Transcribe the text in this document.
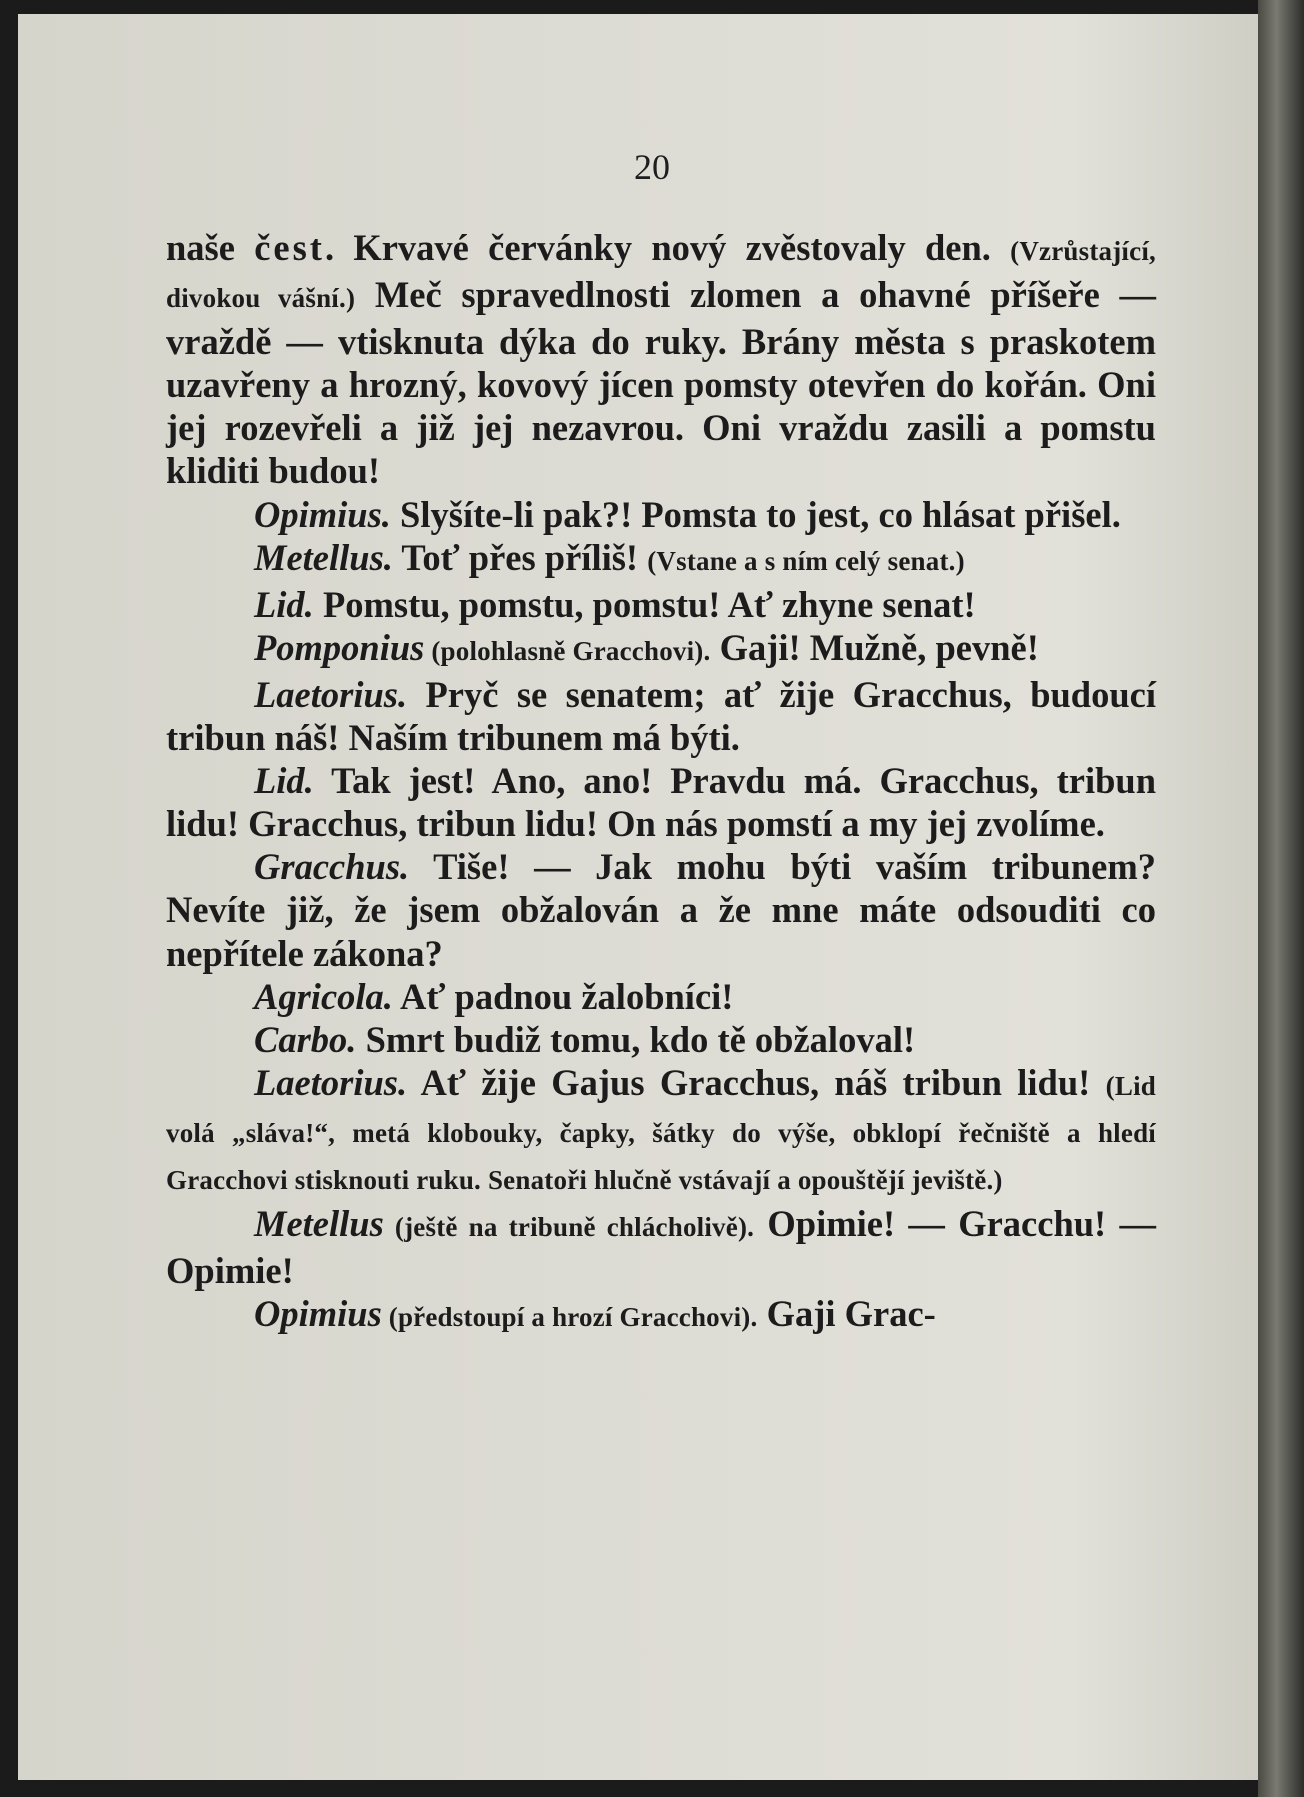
20

naše čest. Krvavé červánky nový zvěstovaly den. (Vzrůstající, divokou vášní.) Meč spravedlnosti zlomen a ohavné příšeře — vraždě — vtisknuta dýka do ruky. Brány města s praskotem uzavřeny a hrozný, kovový jícen pomsty otevřen do kořán. Oni jej rozevřeli a již jej nezavrou. Oni vraždu zasili a pomstu kliditi budou!

Opimius. Slyšíte-li pak?! Pomsta to jest, co hlásat přišel.

Metellus. Toť přes příliš! (Vstane a s ním celý senat.)

Lid. Pomstu, pomstu, pomstu! Ať zhyne senat!

Pomponius (polohlasně Gracchovi). Gaji! Mužně, pevně!

Laetorius. Pryč se senatem; ať žije Gracchus, budoucí tribun náš! Naším tribunem má býti.

Lid. Tak jest! Ano, ano! Pravdu má. Gracchus, tribun lidu! Gracchus, tribun lidu! On nás pomstí a my jej zvolíme.

Gracchus. Tiše! — Jak mohu býti vaším tribunem? Nevíte již, že jsem obžalován a že mne máte odsouditi co nepřítele zákona?

Agricola. Ať padnou žalobníci!

Carbo. Smrt budiž tomu, kdo tě obžaloval!

Laetorius. Ať žije Gajus Gracchus, náš tribun lidu! (Lid volá „sláva!“, metá klobouky, čapky, šátky do výše, obklopí řečniště a hledí Gracchovi stisknouti ruku. Senatoři hlučně vstávají a opouštějí jeviště.)

Metellus (ještě na tribuně chlácholivě). Opimie! — Gracchu! — Opimie!

Opimius (předstoupí a hrozí Gracchovi). Gaji Grac-
